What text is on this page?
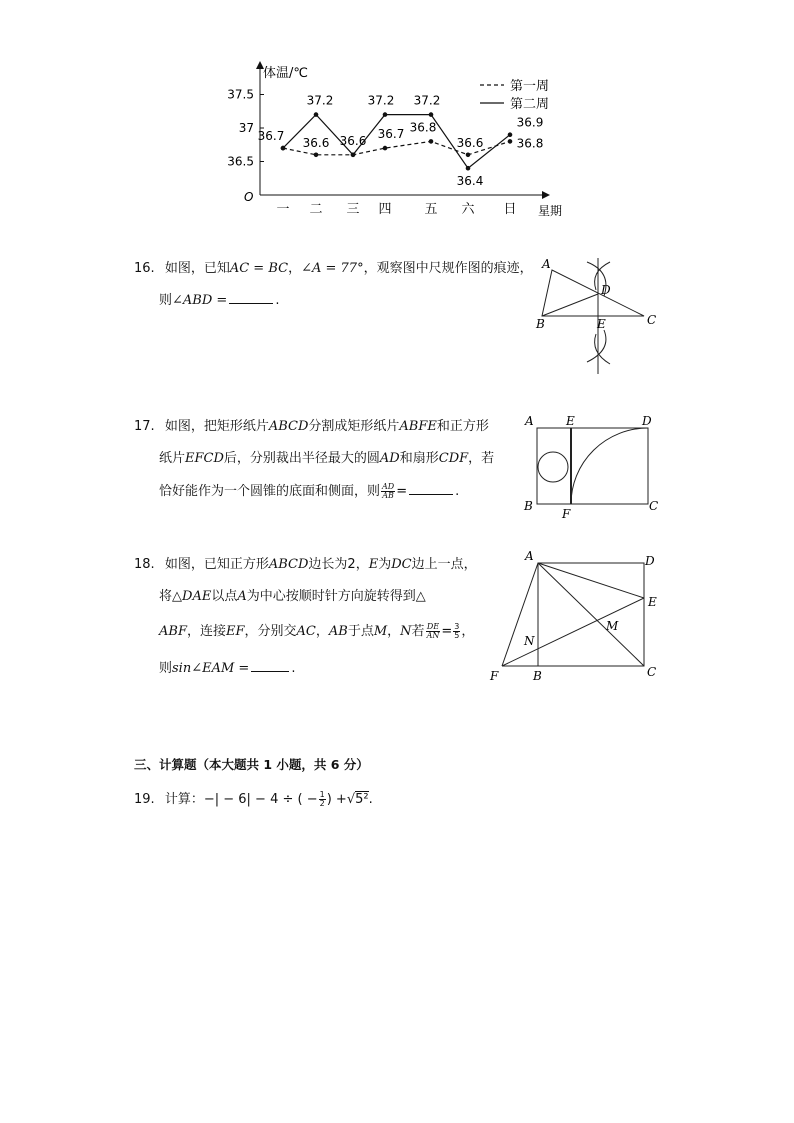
体温/℃
星期
O
37.5
37
36.5
一 二 三 四	五 六 日
36.6
36.7 36.8
36.6	36.8
36.7
37.2
36.6
37.2 37.2
36.4
36.9
第一周
第二周
16. 如图，已知AC = BC，∠A = 77°，观察图中尺规作图的痕迹，
则∠ABD =	.
A
B	C
D
E
17. 如图，把矩形纸片ABCD分割成矩形纸片ABFE和正方形
纸片EFCD后，分别裁出半径最大的圆AD和扇形CDF，若
恰好能作为一个圆锥的底面和侧面，则 $\frac{AD}{AB}$ =	.
A	E	D
B
F
C
18. 如图，已知正方形ABCD边长为2，E为DC边上一点，
将△DAE以点A为中心按顺时针方向旋转得到△
ABF，连接EF，分别交AC，AB于点M，N若 $\frac{DE}{AN} = \frac{3}{5}$ ，
则sin∠EAM =	.
A	D
E
C
B
F
M
N
三、计算题（本大题共 1 小题，共 6 分）
19. 计算：−| − 6| − 4 ÷ ( − $\frac{1}{2}$ ) +√5².
